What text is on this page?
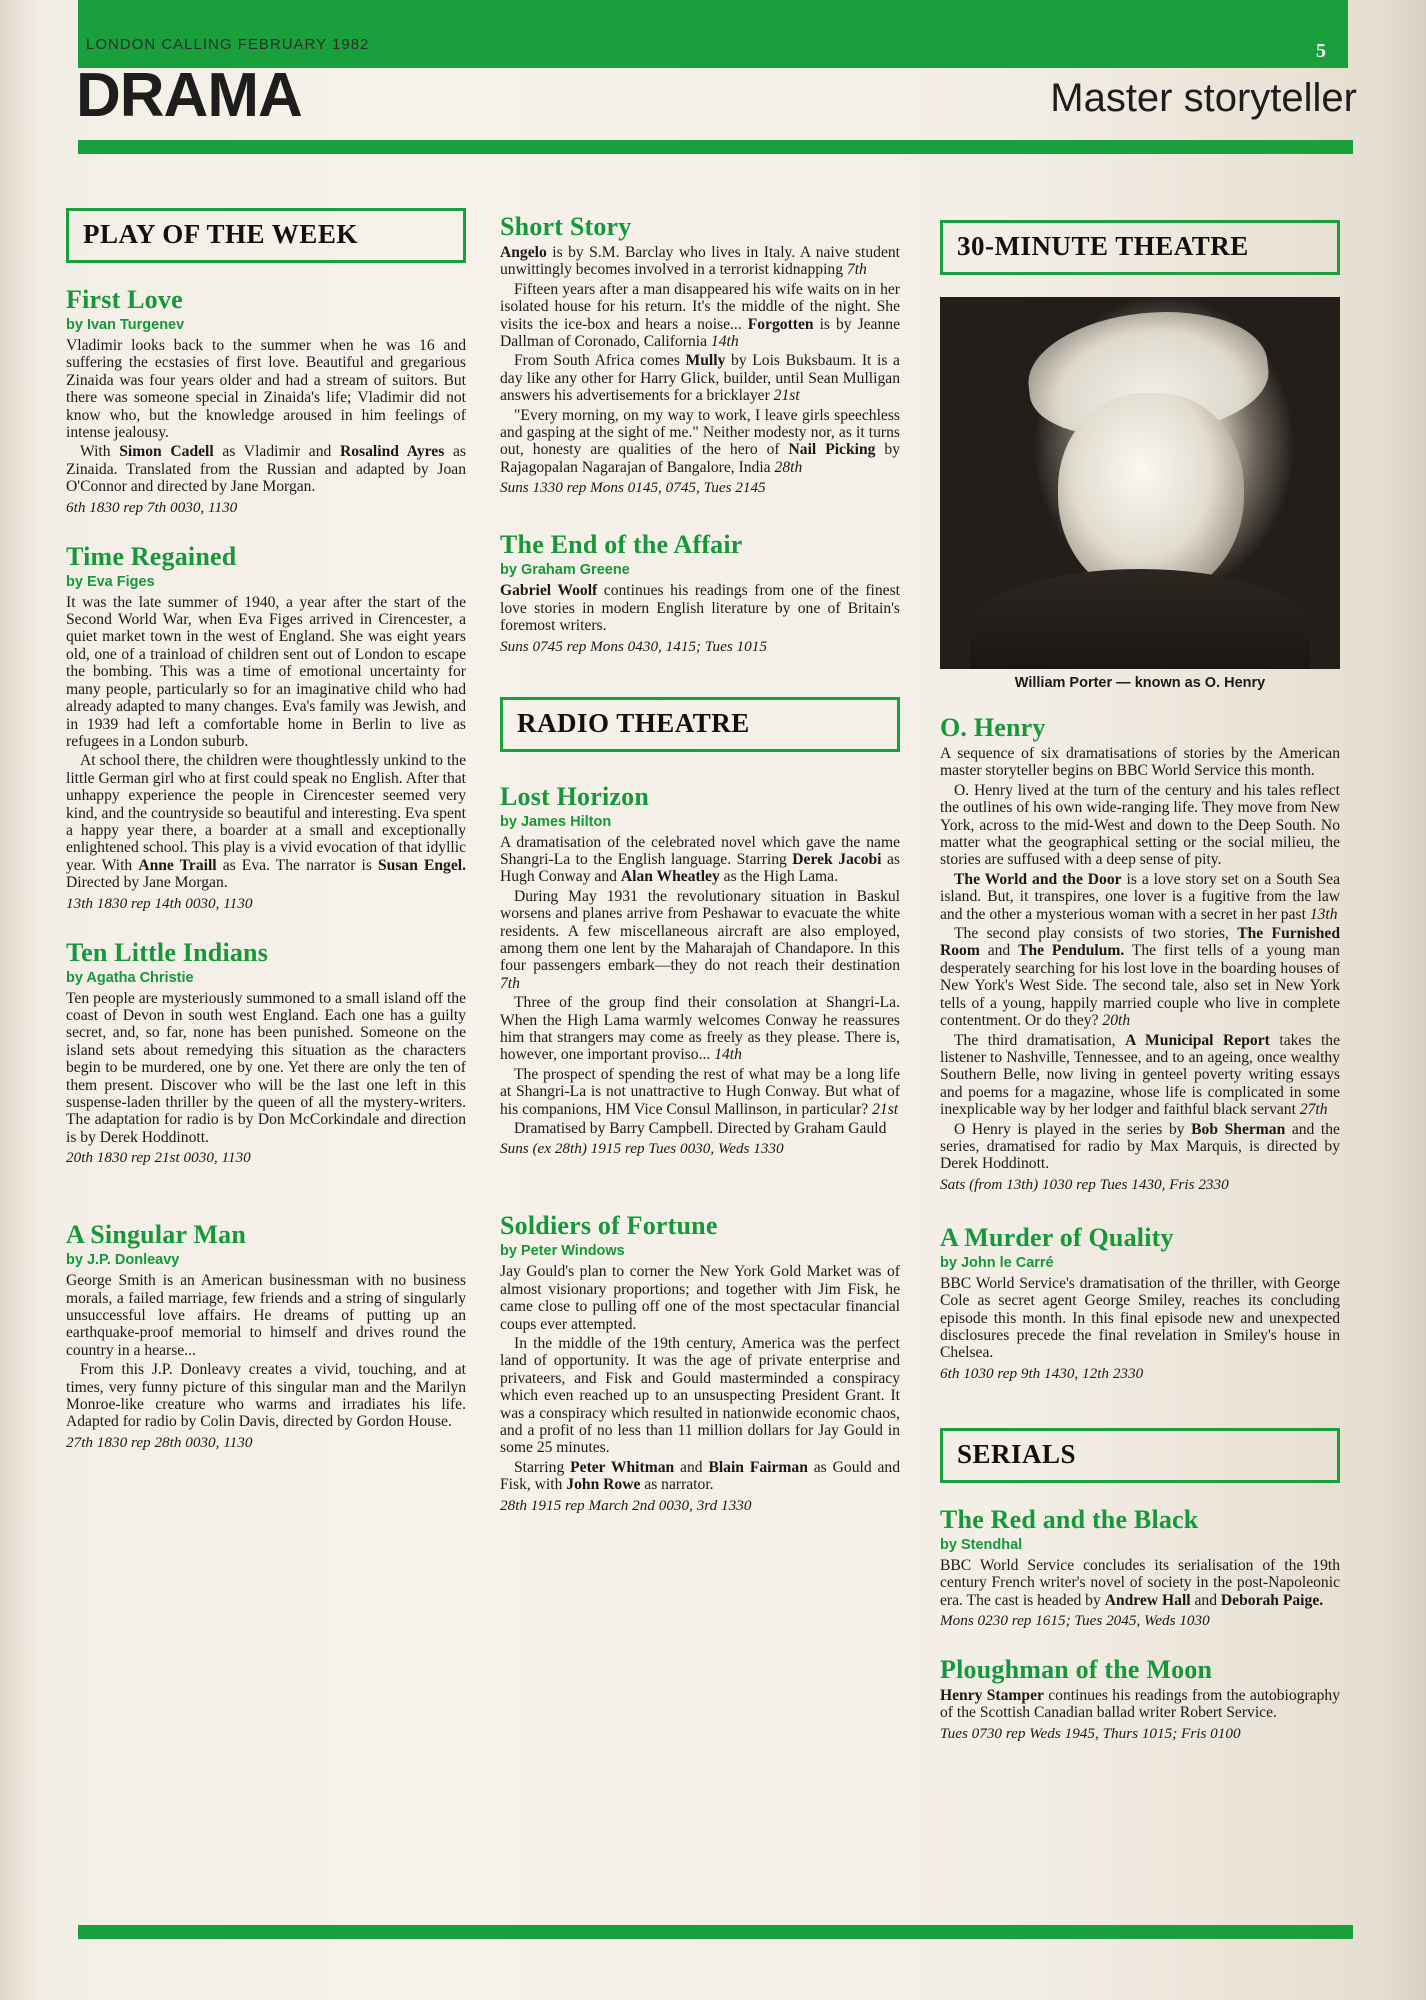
LONDON CALLING FEBRUARY 1982	5
DRAMA	Master storyteller
PLAY OF THE WEEK
First Love
by Ivan Turgenev

Vladimir looks back to the summer when he was 16 and suffering the ecstasies of first love. Beautiful and gregarious Zinaida was four years older and had a stream of suitors. But there was someone special in Zinaida's life; Vladimir did not know who, but the knowledge aroused in him feelings of intense jealousy.

With Simon Cadell as Vladimir and Rosalind Ayres as Zinaida. Translated from the Russian and adapted by Joan O'Connor and directed by Jane Morgan.

6th 1830 rep 7th 0030, 1130

Time Regained
by Eva Figes

It was the late summer of 1940, a year after the start of the Second World War, when Eva Figes arrived in Cirencester, a quiet market town in the west of England. She was eight years old, one of a trainload of children sent out of London to escape the bombing. This was a time of emotional uncertainty for many people, particularly so for an imaginative child who had already adapted to many changes. Eva's family was Jewish, and in 1939 had left a comfortable home in Berlin to live as refugees in a London suburb.

At school there, the children were thoughtlessly unkind to the little German girl who at first could speak no English. After that unhappy experience the people in Cirencester seemed very kind, and the countryside so beautiful and interesting. Eva spent a happy year there, a boarder at a small and exceptionally enlightened school. This play is a vivid evocation of that idyllic year. With Anne Traill as Eva. The narrator is Susan Engel. Directed by Jane Morgan.

13th 1830 rep 14th 0030, 1130

Ten Little Indians
by Agatha Christie

Ten people are mysteriously summoned to a small island off the coast of Devon in south west England. Each one has a guilty secret, and, so far, none has been punished. Someone on the island sets about remedying this situation as the characters begin to be murdered, one by one. Yet there are only the ten of them present. Discover who will be the last one left in this suspense-laden thriller by the queen of all the mystery-writers. The adaptation for radio is by Don McCorkindale and direction is by Derek Hoddinott.

20th 1830 rep 21st 0030, 1130

A Singular Man
by J.P. Donleavy

George Smith is an American businessman with no business morals, a failed marriage, few friends and a string of singularly unsuccessful love affairs. He dreams of putting up an earthquake-proof memorial to himself and drives round the country in a hearse...

From this J.P. Donleavy creates a vivid, touching, and at times, very funny picture of this singular man and the Marilyn Monroe-like creature who warms and irradiates his life. Adapted for radio by Colin Davis, directed by Gordon House.

27th 1830 rep 28th 0030, 1130

Short Story

Angelo is by S.M. Barclay who lives in Italy. A naive student unwittingly becomes involved in a terrorist kidnapping 7th

Fifteen years after a man disappeared his wife waits on in her isolated house for his return. It's the middle of the night. She visits the ice-box and hears a noise... Forgotten is by Jeanne Dallman of Coronado, California 14th

From South Africa comes Mully by Lois Buksbaum. It is a day like any other for Harry Glick, builder, until Sean Mulligan answers his advertisements for a bricklayer 21st

"Every morning, on my way to work, I leave girls speechless and gasping at the sight of me." Neither modesty nor, as it turns out, honesty are qualities of the hero of Nail Picking by Rajagopalan Nagarajan of Bangalore, India 28th

Suns 1330 rep Mons 0145, 0745, Tues 2145

The End of the Affair
by Graham Greene

Gabriel Woolf continues his readings from one of the finest love stories in modern English literature by one of Britain's foremost writers.

Suns 0745 rep Mons 0430, 1415; Tues 1015

RADIO THEATRE
Lost Horizon
by James Hilton

A dramatisation of the celebrated novel which gave the name Shangri-La to the English language. Starring Derek Jacobi as Hugh Conway and Alan Wheatley as the High Lama.

During May 1931 the revolutionary situation in Baskul worsens and planes arrive from Peshawar to evacuate the white residents. A few miscellaneous aircraft are also employed, among them one lent by the Maharajah of Chandapore. In this four passengers embark—they do not reach their destination 7th

Three of the group find their consolation at Shangri-La. When the High Lama warmly welcomes Conway he reassures him that strangers may come as freely as they please. There is, however, one important proviso... 14th

The prospect of spending the rest of what may be a long life at Shangri-La is not unattractive to Hugh Conway. But what of his companions, HM Vice Consul Mallinson, in particular? 21st

Dramatised by Barry Campbell. Directed by Graham Gauld

Suns (ex 28th) 1915 rep Tues 0030, Weds 1330

Soldiers of Fortune
by Peter Windows

Jay Gould's plan to corner the New York Gold Market was of almost visionary proportions; and together with Jim Fisk, he came close to pulling off one of the most spectacular financial coups ever attempted.

In the middle of the 19th century, America was the perfect land of opportunity. It was the age of private enterprise and privateers, and Fisk and Gould masterminded a conspiracy which even reached up to an unsuspecting President Grant. It was a conspiracy which resulted in nationwide economic chaos, and a profit of no less than 11 million dollars for Jay Gould in some 25 minutes.

Starring Peter Whitman and Blain Fairman as Gould and Fisk, with John Rowe as narrator.

28th 1915 rep March 2nd 0030, 3rd 1330

30-MINUTE THEATRE
William Porter — known as O. Henry
O. Henry

A sequence of six dramatisations of stories by the American master storyteller begins on BBC World Service this month.

O. Henry lived at the turn of the century and his tales reflect the outlines of his own wide-ranging life. They move from New York, across to the mid-West and down to the Deep South. No matter what the geographical setting or the social milieu, the stories are suffused with a deep sense of pity.

The World and the Door is a love story set on a South Sea island. But, it transpires, one lover is a fugitive from the law and the other a mysterious woman with a secret in her past 13th

The second play consists of two stories, The Furnished Room and The Pendulum. The first tells of a young man desperately searching for his lost love in the boarding houses of New York's West Side. The second tale, also set in New York tells of a young, happily married couple who live in complete contentment. Or do they? 20th

The third dramatisation, A Municipal Report takes the listener to Nashville, Tennessee, and to an ageing, once wealthy Southern Belle, now living in genteel poverty writing essays and poems for a magazine, whose life is complicated in some inexplicable way by her lodger and faithful black servant 27th

O Henry is played in the series by Bob Sherman and the series, dramatised for radio by Max Marquis, is directed by Derek Hoddinott.

Sats (from 13th) 1030 rep Tues 1430, Fris 2330

A Murder of Quality
by John le Carré

BBC World Service's dramatisation of the thriller, with George Cole as secret agent George Smiley, reaches its concluding episode this month. In this final episode new and unexpected disclosures precede the final revelation in Smiley's house in Chelsea.

6th 1030 rep 9th 1430, 12th 2330

SERIALS
The Red and the Black
by Stendhal

BBC World Service concludes its serialisation of the 19th century French writer's novel of society in the post-Napoleonic era. The cast is headed by Andrew Hall and Deborah Paige.

Mons 0230 rep 1615; Tues 2045, Weds 1030

Ploughman of the Moon

Henry Stamper continues his readings from the autobiography of the Scottish Canadian ballad writer Robert Service.

Tues 0730 rep Weds 1945, Thurs 1015; Fris 0100
